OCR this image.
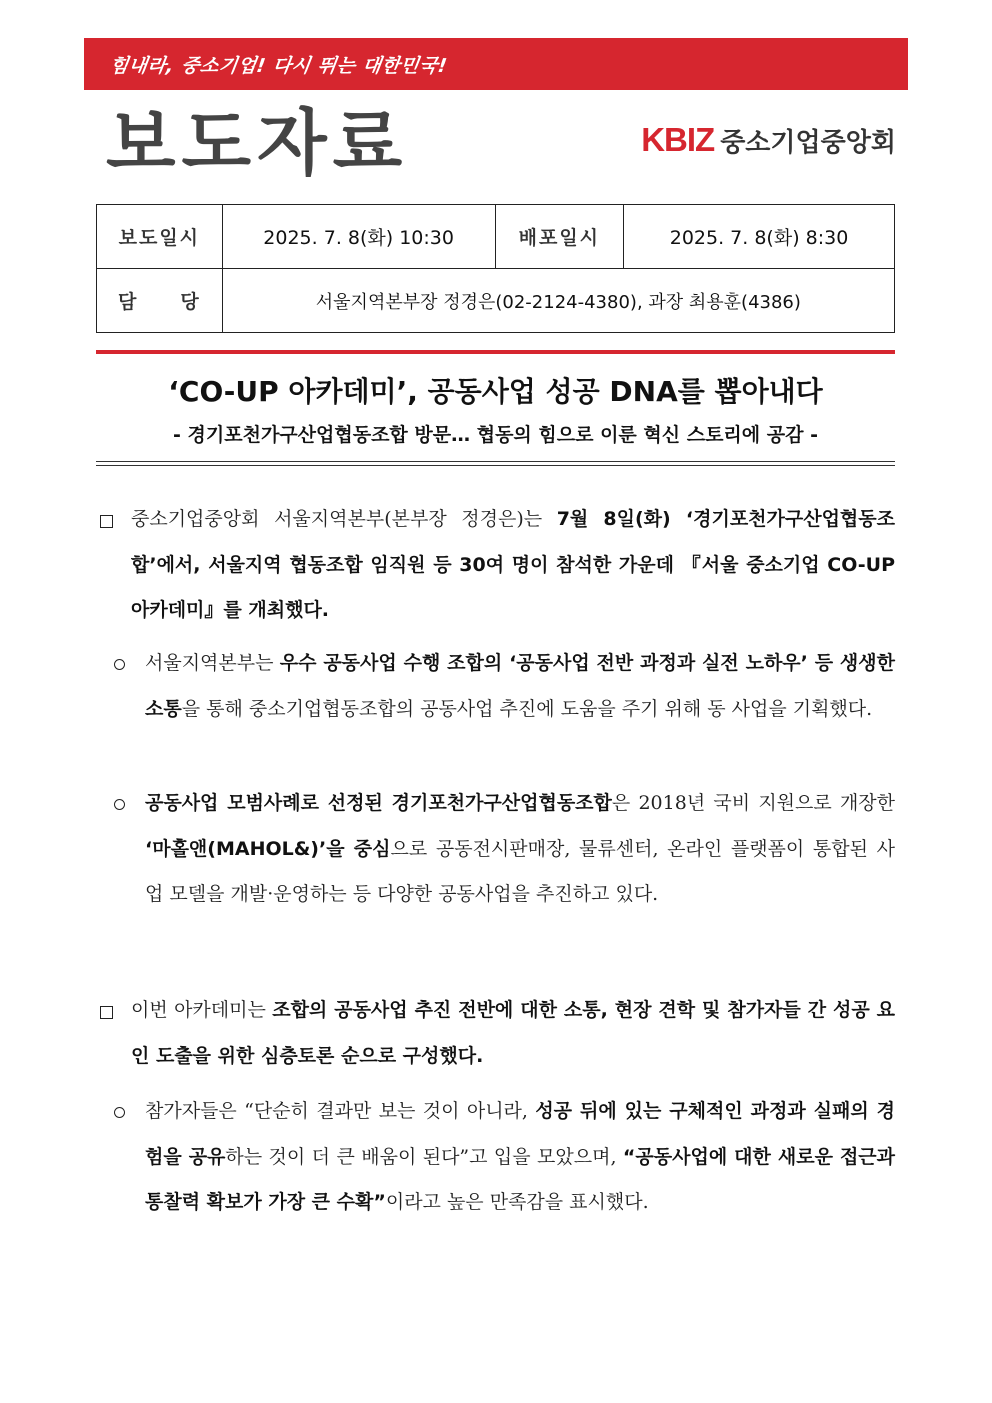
힘내라, 중소기업! 다시 뛰는 대한민국!
보도자료	KBIZ 중소기업중앙회
보도일시	2025. 7. 8(화) 10:30	배포일시	2025. 7. 8(화) 8:30
담　　당	서울지역본부장 정경은(02-2124-4380), 과장 최용훈(4386)		
‘CO-UP 아카데미’, 공동사업 성공 DNA를 뽑아내다
- 경기포천가구산업협동조합 방문… 협동의 힘으로 이룬 혁신 스토리에 공감 -
중소기업중앙회 서울지역본부(본부장 정경은)는 7월 8일(화) ‘경기포천가구산업협동조합’에서, 서울지역 협동조합 임직원 등 30여 명이 참석한 가운데 『서울 중소기업 CO-UP 아카데미』를 개최했다.
서울지역본부는 우수 공동사업 수행 조합의 ‘공동사업 전반 과정과 실전 노하우’ 등 생생한 소통을 통해 중소기업협동조합의 공동사업 추진에 도움을 주기 위해 동 사업을 기획했다.
공동사업 모범사례로 선정된 경기포천가구산업협동조합은 2018년 국비 지원으로 개장한 ‘마홀앤(MAHOL&)’을 중심으로 공동전시판매장, 물류센터, 온라인 플랫폼이 통합된 사업 모델을 개발·운영하는 등 다양한 공동사업을 추진하고 있다.
이번 아카데미는 조합의 공동사업 추진 전반에 대한 소통, 현장 견학 및 참가자들 간 성공 요인 도출을 위한 심층토론 순으로 구성했다.
참가자들은 “단순히 결과만 보는 것이 아니라, 성공 뒤에 있는 구체적인 과정과 실패의 경험을 공유하는 것이 더 큰 배움이 된다”고 입을 모았으며, “공동사업에 대한 새로운 접근과 통찰력 확보가 가장 큰 수확”이라고 높은 만족감을 표시했다.
